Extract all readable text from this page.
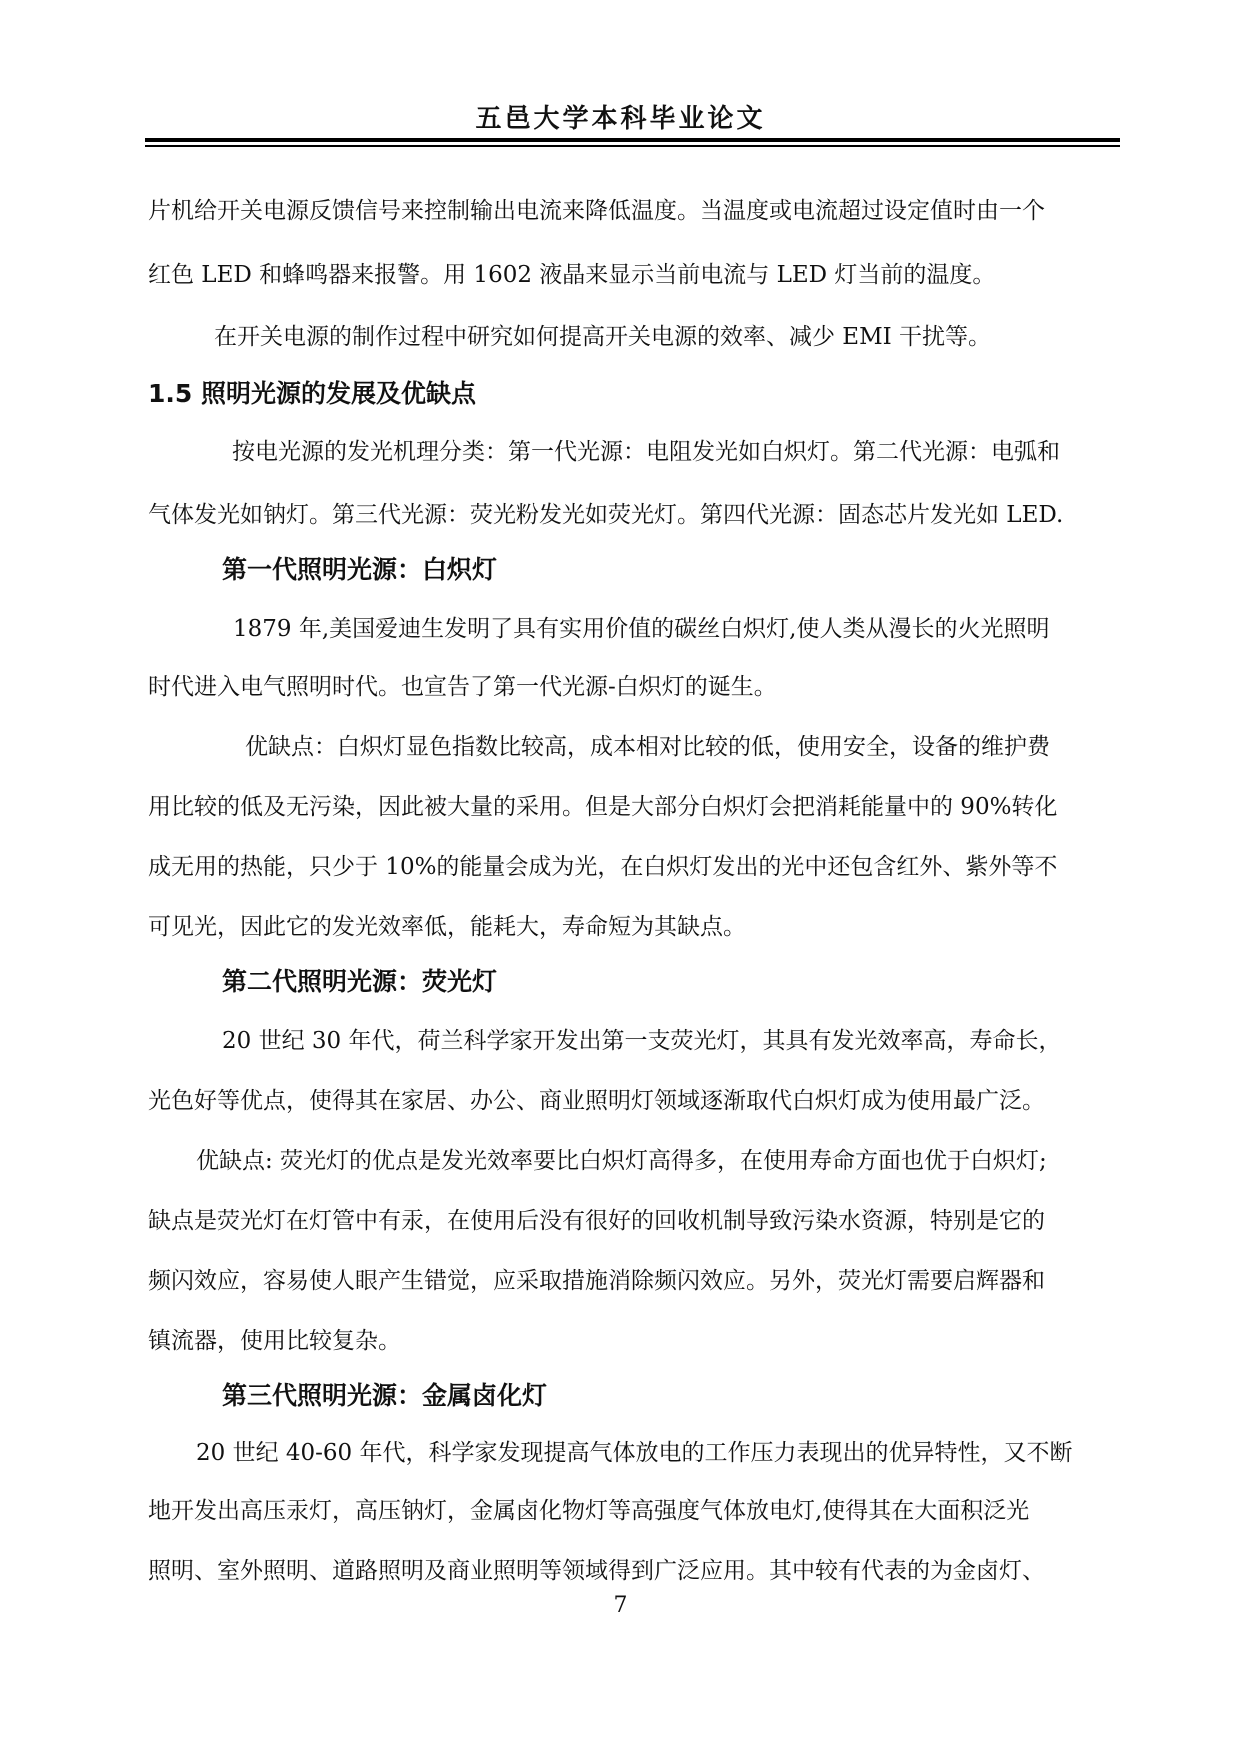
五邑大学本科毕业论文
片机给开关电源反馈信号来控制输出电流来降低温度。当温度或电流超过设定值时由一个
红色 LED 和蜂鸣器来报警。用 1602 液晶来显示当前电流与 LED 灯当前的温度。
在开关电源的制作过程中研究如何提高开关电源的效率、减少 EMI 干扰等。
1.5 照明光源的发展及优缺点
按电光源的发光机理分类：第一代光源：电阻发光如白炽灯。第二代光源：电弧和
气体发光如钠灯。第三代光源：荧光粉发光如荧光灯。第四代光源：固态芯片发光如 LED.
第一代照明光源：白炽灯
1879 年,美国爱迪生发明了具有实用价值的碳丝白炽灯,使人类从漫长的火光照明
时代进入电气照明时代。也宣告了第一代光源-白炽灯的诞生。
优缺点：白炽灯显色指数比较高，成本相对比较的低，使用安全，设备的维护费
用比较的低及无污染，因此被大量的采用。但是大部分白炽灯会把消耗能量中的 90%转化
成无用的热能，只少于 10%的能量会成为光，在白炽灯发出的光中还包含红外、紫外等不
可见光，因此它的发光效率低，能耗大，寿命短为其缺点。
第二代照明光源：荧光灯
20 世纪 30 年代，荷兰科学家开发出第一支荧光灯，其具有发光效率高，寿命长，
光色好等优点，使得其在家居、办公、商业照明灯领域逐渐取代白炽灯成为使用最广泛。
优缺点: 荧光灯的优点是发光效率要比白炽灯高得多，在使用寿命方面也优于白炽灯;
缺点是荧光灯在灯管中有汞，在使用后没有很好的回收机制导致污染水资源，特别是它的
频闪效应，容易使人眼产生错觉，应采取措施消除频闪效应。另外，荧光灯需要启辉器和
镇流器，使用比较复杂。
第三代照明光源：金属卤化灯
20 世纪 40-60 年代，科学家发现提高气体放电的工作压力表现出的优异特性，又不断
地开发出高压汞灯，高压钠灯，金属卤化物灯等高强度气体放电灯,使得其在大面积泛光
照明、室外照明、道路照明及商业照明等领域得到广泛应用。其中较有代表的为金卤灯、
7
